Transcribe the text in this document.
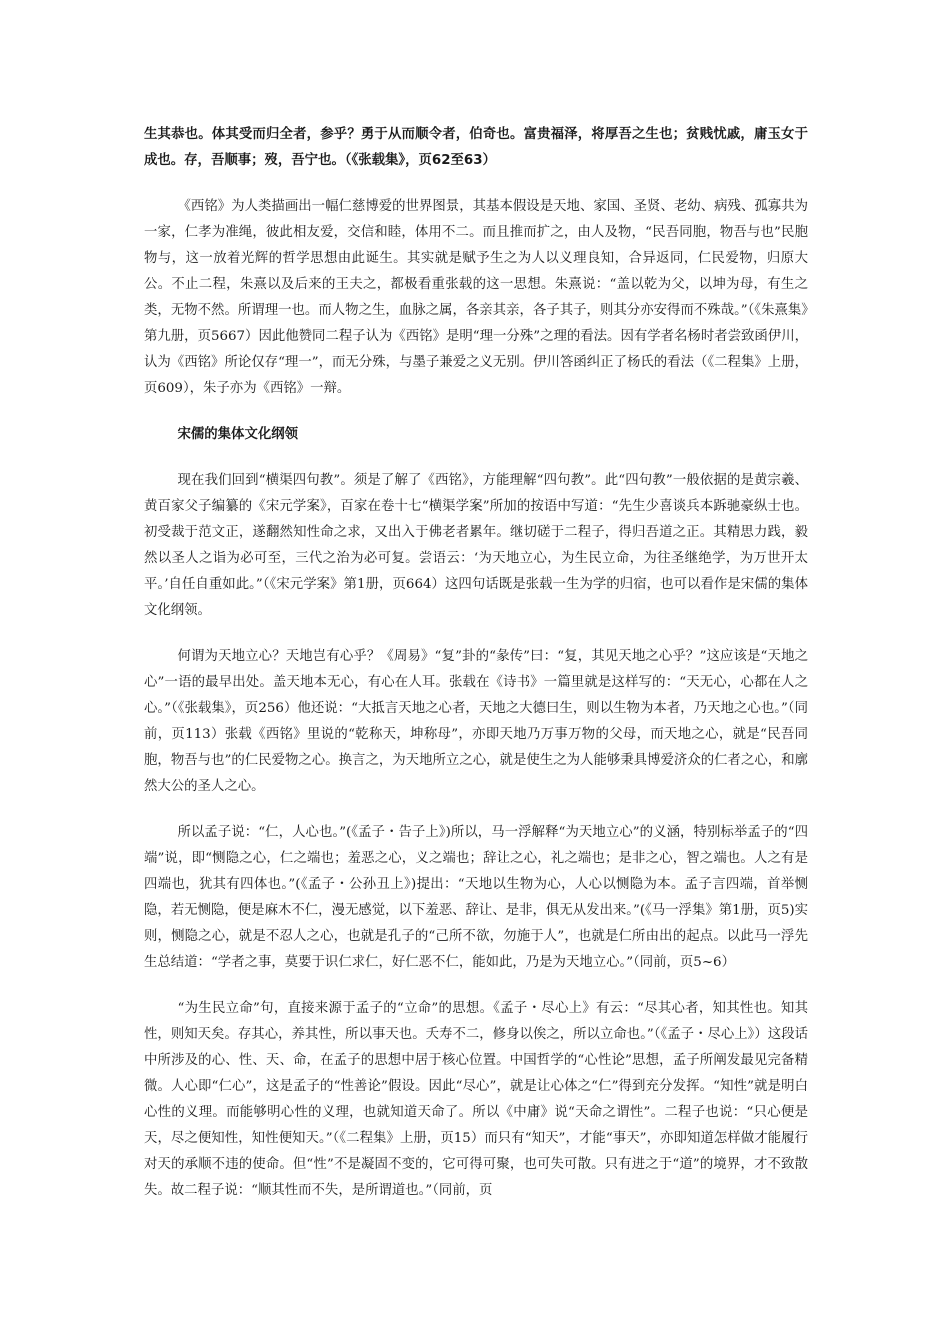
生其恭也。体其受而归全者，参乎？勇于从而顺令者，伯奇也。富贵福泽，将厚吾之生也；贫贱忧戚，庸玉女于成也。存，吾顺事；歿，吾宁也。（《张载集》，页62至63）

《西铭》为人类描画出一幅仁慈博爱的世界图景，其基本假设是天地、家国、圣贤、老幼、病残、孤寡共为一家，仁孝为准绳，彼此相友爱，交信和睦，体用不二。而且推而扩之，由人及物，“民吾同胞，物吾与也”民胞物与，这一放着光辉的哲学思想由此诞生。其实就是赋予生之为人以义理良知，合异返同，仁民爱物，归原大公。不止二程，朱熹以及后来的王夫之，都极看重张载的这一思想。朱熹说：“盖以乾为父，以坤为母，有生之类，无物不然。所谓理一也。而人物之生，血脉之属，各亲其亲，各子其子，则其分亦安得而不殊哉。”（《朱熹集》第九册，页5667）因此他赞同二程子认为《西铭》是明“理一分殊”之理的看法。因有学者名杨时者尝致函伊川，认为《西铭》所论仅存“理一”，而无分殊，与墨子兼爱之义无别。伊川答函纠正了杨氏的看法（《二程集》上册，页609），朱子亦为《西铭》一辩。

宋儒的集体文化纲领

现在我们回到“横渠四句教”。须是了解了《西铭》，方能理解“四句教”。此“四句教”一般依据的是黄宗羲、黄百家父子编纂的《宋元学案》，百家在卷十七“横渠学案”所加的按语中写道：“先生少喜谈兵本跅驰豪纵士也。初受裁于范文正，遂翻然知性命之求，又出入于佛老者累年。继切磋于二程子，得归吾道之正。其精思力践，毅然以圣人之诣为必可至，三代之治为必可复。尝语云：‘为天地立心，为生民立命，为往圣继绝学，为万世开太平。’自任自重如此。”（《宋元学案》第1册，页664）这四句话既是张载一生为学的归宿，也可以看作是宋儒的集体文化纲领。

何谓为天地立心？天地岂有心乎？《周易》“复”卦的“彖传”曰：“复，其见天地之心乎？”这应该是“天地之心”一语的最早出处。盖天地本无心，有心在人耳。张载在《诗书》一篇里就是这样写的：“天无心，心都在人之心。”（《张载集》，页256）他还说：“大抵言天地之心者，天地之大德曰生，则以生物为本者，乃天地之心也。”（同前，页113）张载《西铭》里说的“乾称天，坤称母”，亦即天地乃万事万物的父母，而天地之心，就是“民吾同胞，物吾与也”的仁民爱物之心。换言之，为天地所立之心，就是使生之为人能够秉具博爱济众的仁者之心，和廓然大公的圣人之心。

所以孟子说：“仁，人心也。”(《孟子・告子上》)所以，马一浮解释“为天地立心”的义涵，特别标举孟子的“四端”说，即“恻隐之心，仁之端也；羞恶之心，义之端也；辞让之心，礼之端也；是非之心，智之端也。人之有是四端也，犹其有四体也。”(《孟子・公孙丑上》)提出：“天地以生物为心，人心以恻隐为本。孟子言四端，首举恻隐，若无恻隐，便是麻木不仁，漫无感觉，以下羞恶、辞让、是非，俱无从发出来。”(《马一浮集》第1册，页5)实则，恻隐之心，就是不忍人之心，也就是孔子的“己所不欲，勿施于人”，也就是仁所由出的起点。以此马一浮先生总结道：“学者之事，莫要于识仁求仁，好仁恶不仁，能如此，乃是为天地立心。”（同前，页5~6）

“为生民立命”句，直接来源于孟子的“立命”的思想。《孟子・尽心上》有云：“尽其心者，知其性也。知其性，则知天矣。存其心，养其性，所以事天也。夭寿不二，修身以俟之，所以立命也。”（《孟子・尽心上》）这段话中所涉及的心、性、天、命，在孟子的思想中居于核心位置。中国哲学的“心性论”思想，孟子所阐发最见完备精微。人心即“仁心”，这是孟子的“性善论”假设。因此“尽心”，就是让心体之“仁”得到充分发挥。“知性”就是明白心性的义理。而能够明心性的义理，也就知道天命了。所以《中庸》说“天命之谓性”。二程子也说：“只心便是天，尽之便知性，知性便知天。”（《二程集》上册，页15）而只有“知天”，才能“事天”，亦即知道怎样做才能履行对天的承顺不违的使命。但“性”不是凝固不变的，它可得可聚，也可失可散。只有进之于“道”的境界，才不致散失。故二程子说：“顺其性而不失，是所谓道也。”（同前，页
